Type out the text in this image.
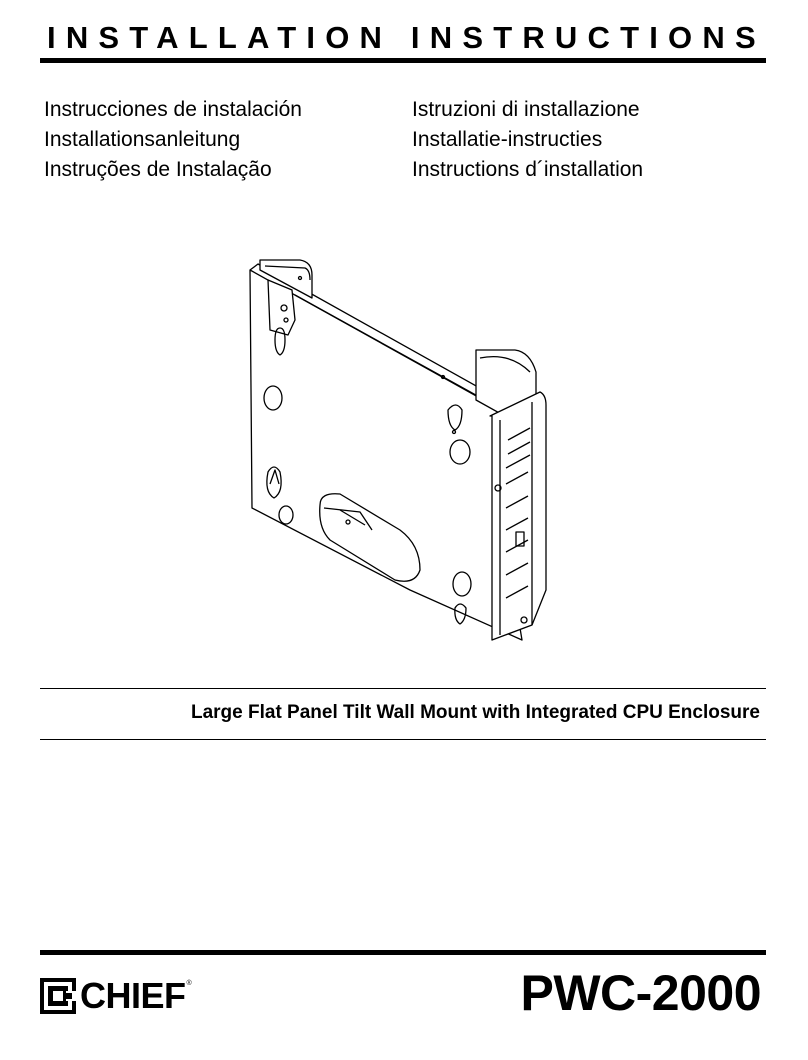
INSTALLATION INSTRUCTIONS
Instrucciones de instalación
Installationsanleitung
Instruções de Instalação
Istruzioni di installazione
Installatie-instructies
Instructions d´installation
Large Flat Panel Tilt Wall Mount with Integrated CPU Enclosure
CHIEF ®	PWC-2000
